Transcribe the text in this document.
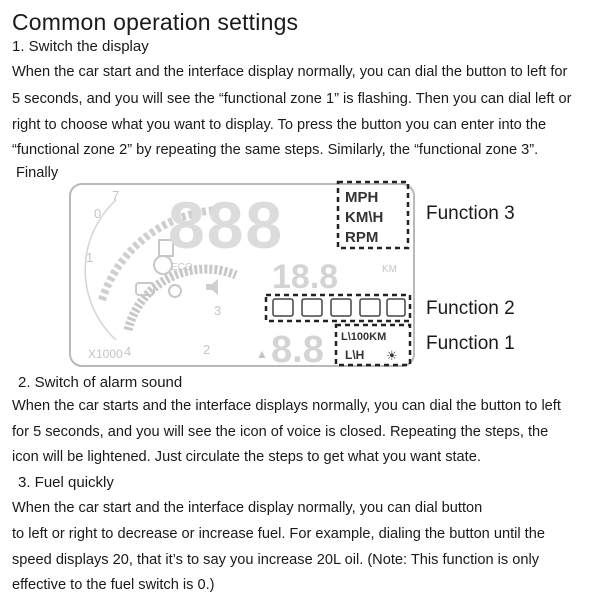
Common operation settings
1. Switch the display
When the car start and the interface display normally, you can dial the button to left for
5 seconds, and you will see the “functional zone 1” is flashing. Then you can dial left or
right to choose what you want to display. To press the button you can enter into the
“functional zone 2” by repeating the same steps. Similarly, the “functional zone 3”.
Finally
0
1
7
2
3
ECO
X1000 4	▲
888
18.8	KM
8.8
MPH
KM\H
RPM
L\100KM
L\H ☀
Function 3
Function 2
Function 1
2. Switch of alarm sound
When the car starts and the interface displays normally, you can dial the button to left
for 5 seconds, and you will see the icon of voice is closed. Repeating the steps, the
icon will be lightened. Just circulate the steps to get what you want state.
3. Fuel quickly
When the car start and the interface display normally, you can dial button
to left or right to decrease or increase fuel. For example, dialing the button until the
speed displays 20, that it’s to say you increase 20L oil. (Note: This function is only
effective to the fuel switch is 0.)
